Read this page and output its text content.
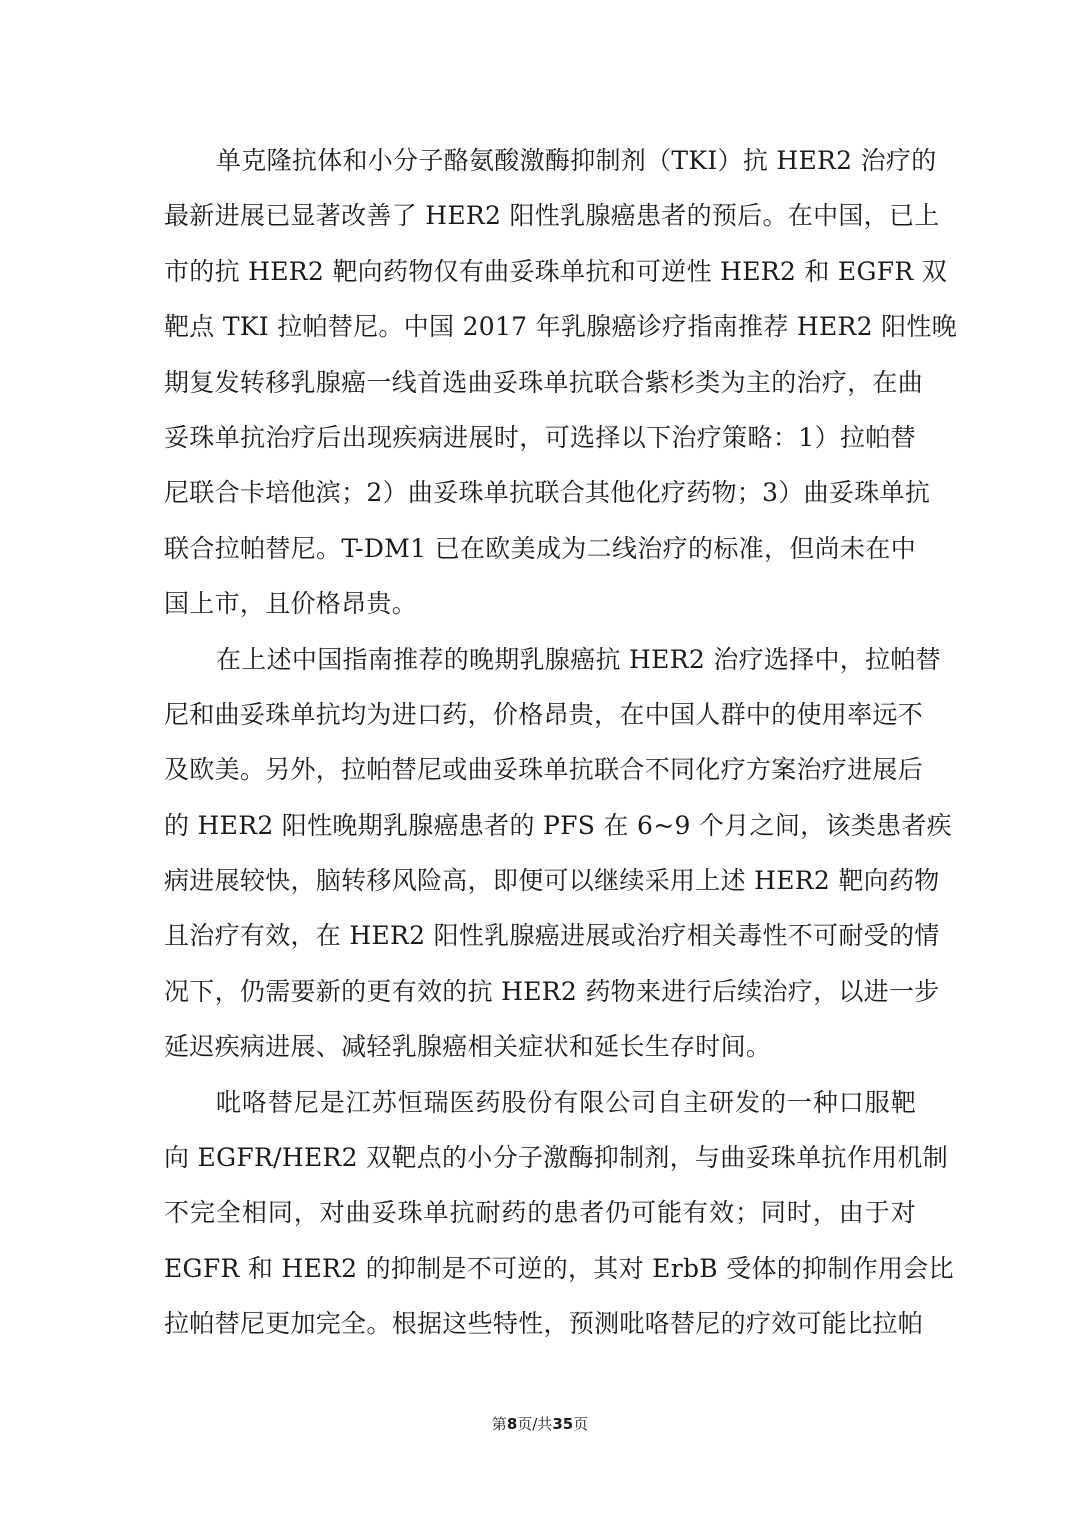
单克隆抗体和小分子酪氨酸激酶抑制剂（TKI）抗 HER2 治疗的
最新进展已显著改善了 HER2 阳性乳腺癌患者的预后。在中国，已上
市的抗 HER2 靶向药物仅有曲妥珠单抗和可逆性 HER2 和 EGFR 双
靶点 TKI 拉帕替尼。中国 2017 年乳腺癌诊疗指南推荐 HER2 阳性晚
期复发转移乳腺癌一线首选曲妥珠单抗联合紫杉类为主的治疗，在曲
妥珠单抗治疗后出现疾病进展时，可选择以下治疗策略：1）拉帕替
尼联合卡培他滨；2）曲妥珠单抗联合其他化疗药物；3）曲妥珠单抗
联合拉帕替尼。T-DM1 已在欧美成为二线治疗的标准，但尚未在中
国上市，且价格昂贵。
在上述中国指南推荐的晚期乳腺癌抗 HER2 治疗选择中，拉帕替
尼和曲妥珠单抗均为进口药，价格昂贵，在中国人群中的使用率远不
及欧美。另外，拉帕替尼或曲妥珠单抗联合不同化疗方案治疗进展后
的 HER2 阳性晚期乳腺癌患者的 PFS 在 6~9 个月之间，该类患者疾
病进展较快，脑转移风险高，即便可以继续采用上述 HER2 靶向药物
且治疗有效，在 HER2 阳性乳腺癌进展或治疗相关毒性不可耐受的情
况下，仍需要新的更有效的抗 HER2 药物来进行后续治疗，以进一步
延迟疾病进展、减轻乳腺癌相关症状和延长生存时间。
吡咯替尼是江苏恒瑞医药股份有限公司自主研发的一种口服靶
向 EGFR/HER2 双靶点的小分子激酶抑制剂，与曲妥珠单抗作用机制
不完全相同，对曲妥珠单抗耐药的患者仍可能有效；同时，由于对
EGFR 和 HER2 的抑制是不可逆的，其对 ErbB 受体的抑制作用会比
拉帕替尼更加完全。根据这些特性，预测吡咯替尼的疗效可能比拉帕
第8页/共35页
